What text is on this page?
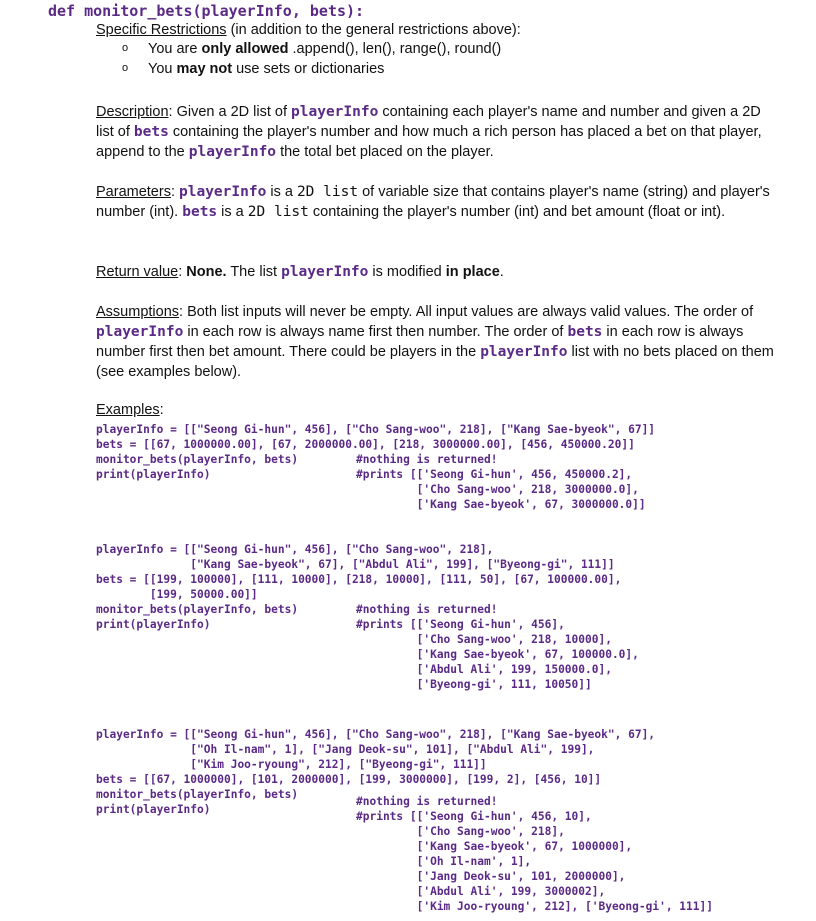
def monitor_bets(playerInfo, bets):
Specific Restrictions (in addition to the general restrictions above):
o You are only allowed .append(), len(), range(), round()
o You may not use sets or dictionaries
Description: Given a 2D list of playerInfo containing each player's name and number and given a 2D list of bets containing the player's number and how much a rich person has placed a bet on that player, append to the playerInfo the total bet placed on the player.
Parameters: playerInfo is a 2D list of variable size that contains player's name (string) and player's number (int). bets is a 2D list containing the player's number (int) and bet amount (float or int).
Return value: None. The list playerInfo is modified in place.
Assumptions: Both list inputs will never be empty. All input values are always valid values. The order of playerInfo in each row is always name first then number. The order of bets in each row is always number first then bet amount. There could be players in the playerInfo list with no bets placed on them (see examples below).
Examples:
playerInfo = [["Seong Gi-hun", 456], ["Cho Sang-woo", 218], ["Kang Sae-byeok", 67]]
bets = [[67, 1000000.00], [67, 2000000.00], [218, 3000000.00], [456, 450000.20]]
monitor_bets(playerInfo, bets)
print(playerInfo)
#nothing is returned!
#prints [['Seong Gi-hun', 456, 450000.2],
['Cho Sang-woo', 218, 3000000.0],
['Kang Sae-byeok', 67, 3000000.0]]
playerInfo = [["Seong Gi-hun", 456], ["Cho Sang-woo", 218],
["Kang Sae-byeok", 67], ["Abdul Ali", 199], ["Byeong-gi", 111]]
bets = [[199, 100000], [111, 10000], [218, 10000], [111, 50], [67, 100000.00],
[199, 50000.00]]
monitor_bets(playerInfo, bets)
print(playerInfo)
#nothing is returned!
#prints [['Seong Gi-hun', 456],
['Cho Sang-woo', 218, 10000],
['Kang Sae-byeok', 67, 100000.0],
['Abdul Ali', 199, 150000.0],
['Byeong-gi', 111, 10050]]
playerInfo = [["Seong Gi-hun", 456], ["Cho Sang-woo", 218], ["Kang Sae-byeok", 67],
["Oh Il-nam", 1], ["Jang Deok-su", 101], ["Abdul Ali", 199],
["Kim Joo-ryoung", 212], ["Byeong-gi", 111]]
bets = [[67, 1000000], [101, 2000000], [199, 3000000], [199, 2], [456, 10]]
monitor_bets(playerInfo, bets)
print(playerInfo)
#nothing is returned!
#prints [['Seong Gi-hun', 456, 10],
['Cho Sang-woo', 218],
['Kang Sae-byeok', 67, 1000000],
['Oh Il-nam', 1],
['Jang Deok-su', 101, 2000000],
['Abdul Ali', 199, 3000002],
['Kim Joo-ryoung', 212], ['Byeong-gi', 111]]
